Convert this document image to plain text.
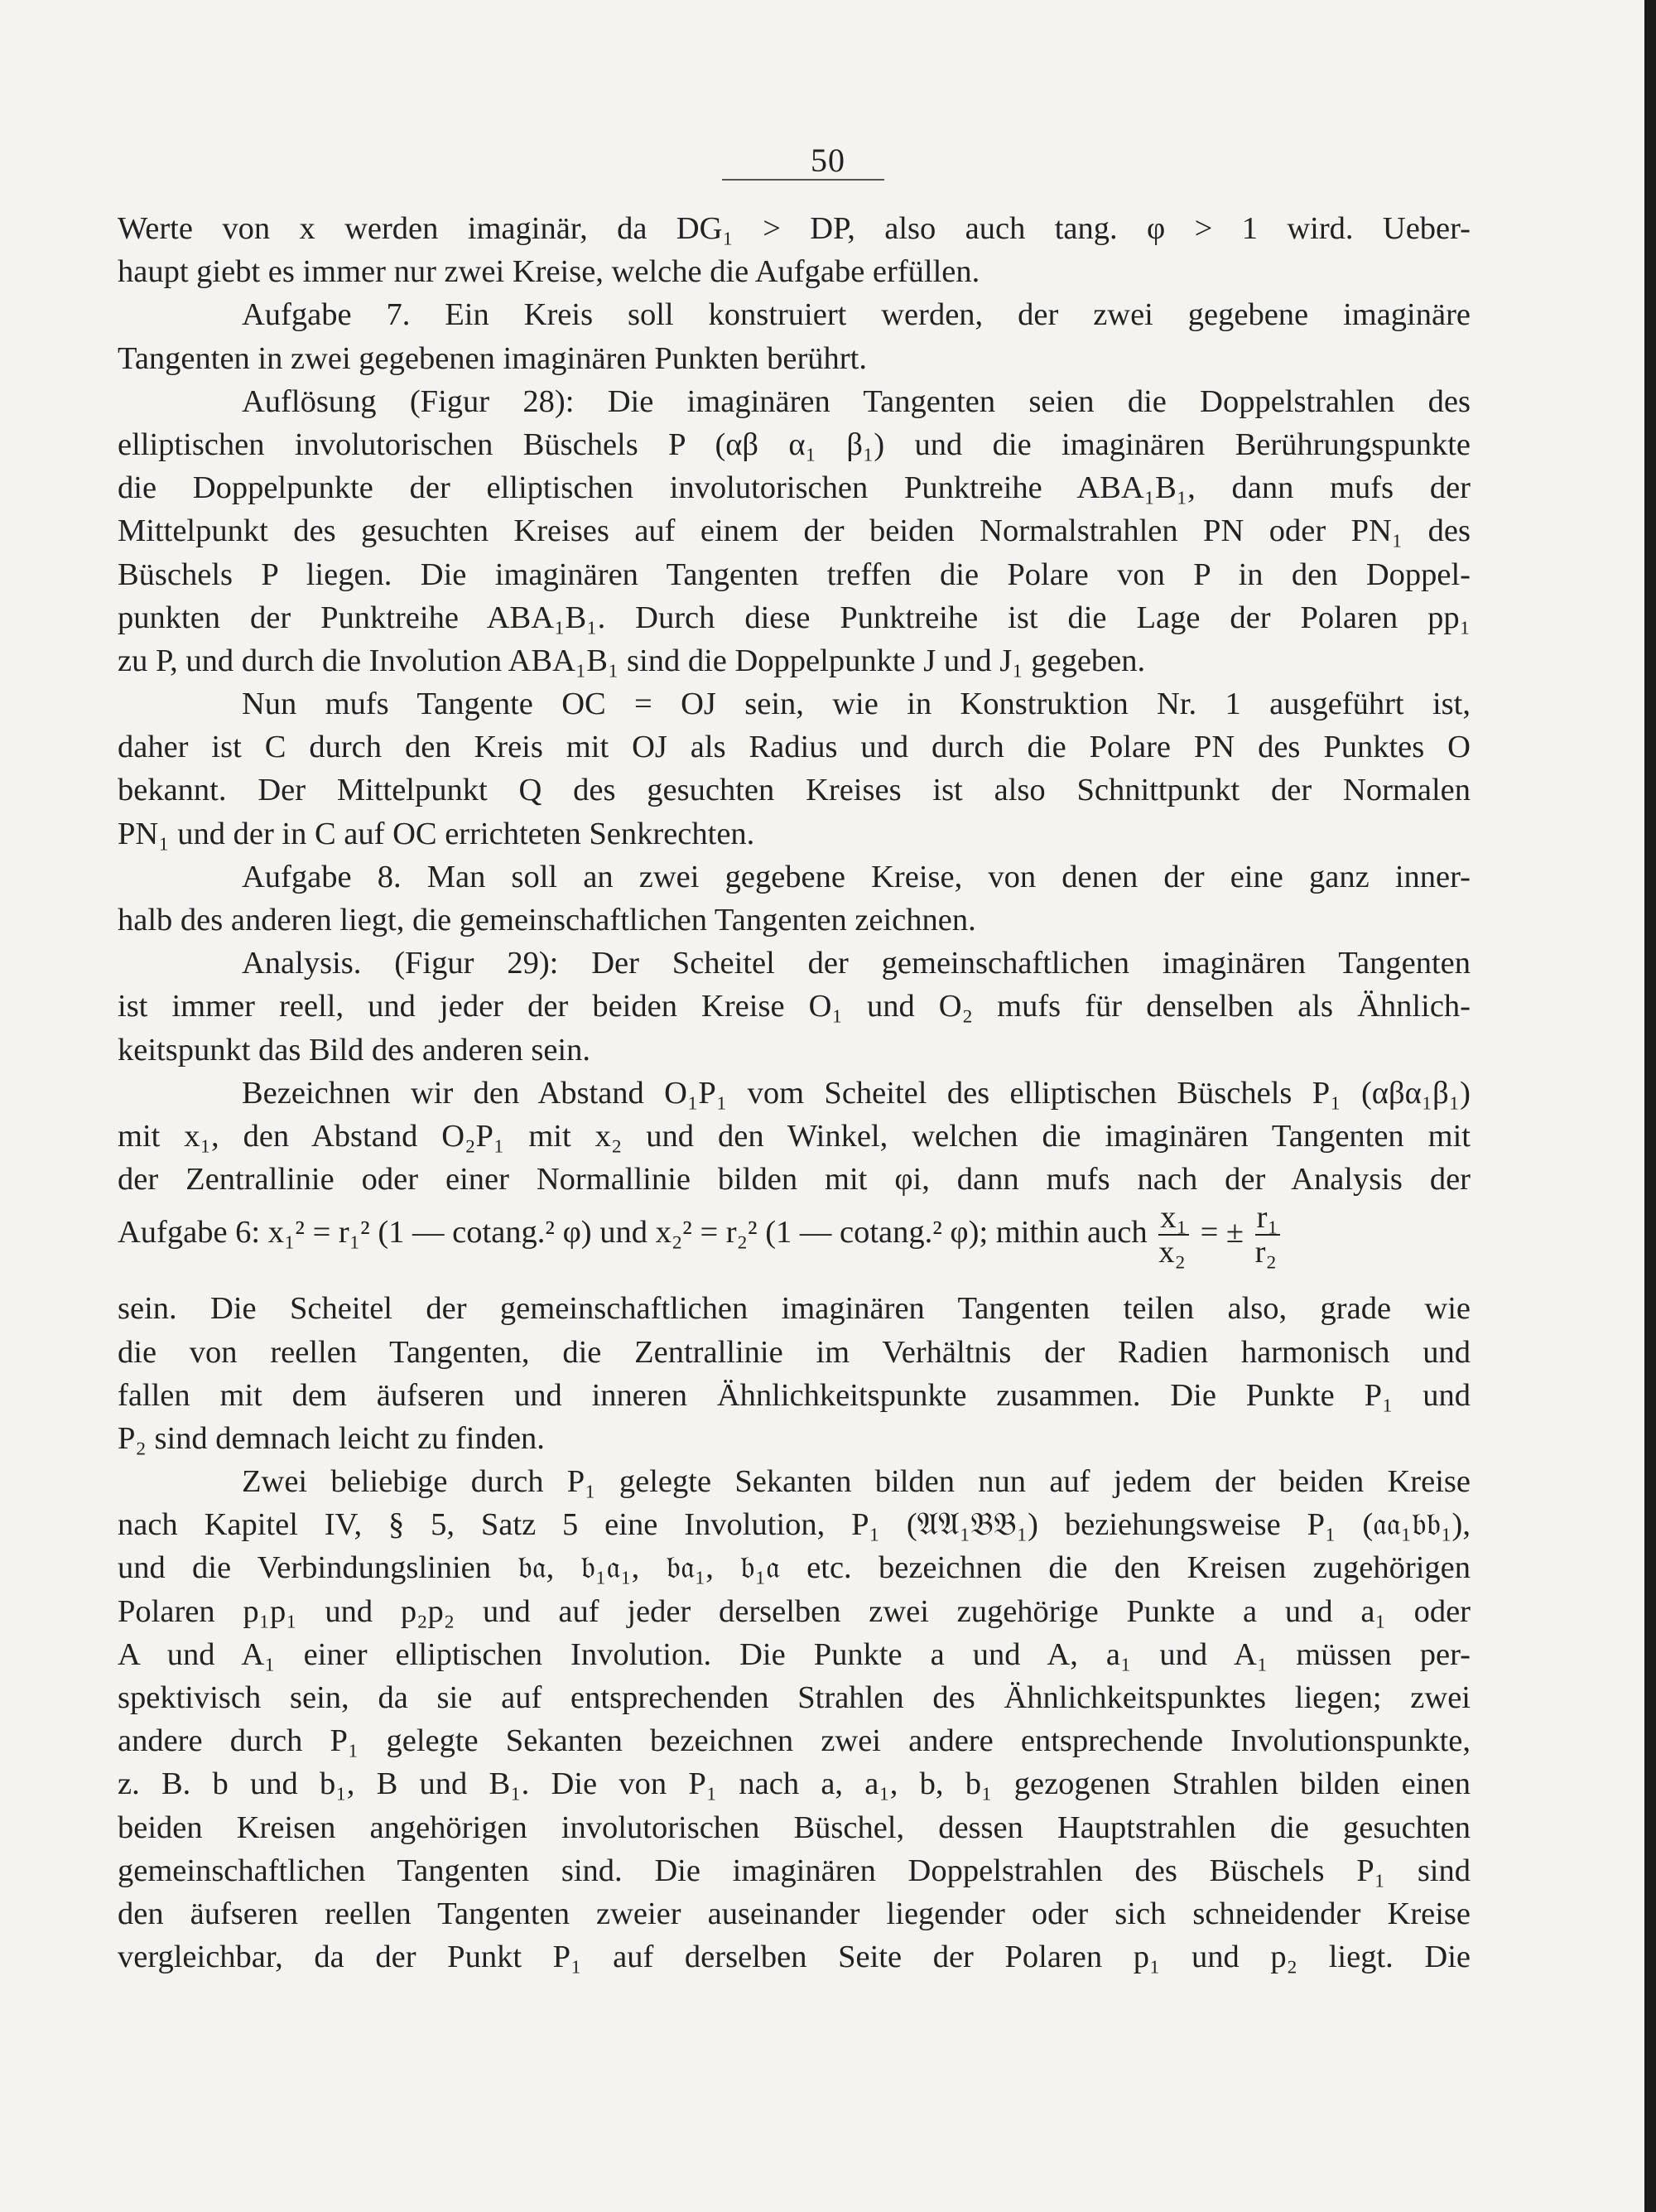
50
Werte von x werden imaginär, da DG₁ > DP, also auch tang. φ > 1 wird. Ueber-
haupt giebt es immer nur zwei Kreise, welche die Aufgabe erfüllen.
Aufgabe 7. Ein Kreis soll konstruiert werden, der zwei gegebene imaginäre
Tangenten in zwei gegebenen imaginären Punkten berührt.
Auflösung (Figur 28): Die imaginären Tangenten seien die Doppelstrahlen des
elliptischen involutorischen Büschels P (αβ α₁ β₁) und die imaginären Berührungspunkte
die Doppelpunkte der elliptischen involutorischen Punktreihe ABA₁B₁, dann mufs der
Mittelpunkt des gesuchten Kreises auf einem der beiden Normalstrahlen PN oder PN₁ des
Büschels P liegen. Die imaginären Tangenten treffen die Polare von P in den Doppel-
punkten der Punktreihe ABA₁B₁. Durch diese Punktreihe ist die Lage der Polaren pp₁
zu P, und durch die Involution ABA₁B₁ sind die Doppelpunkte J und J₁ gegeben.
Nun mufs Tangente OC = OJ sein, wie in Konstruktion Nr. 1 ausgeführt ist,
daher ist C durch den Kreis mit OJ als Radius und durch die Polare PN des Punktes O
bekannt. Der Mittelpunkt Q des gesuchten Kreises ist also Schnittpunkt der Normalen
PN₁ und der in C auf OC errichteten Senkrechten.
Aufgabe 8. Man soll an zwei gegebene Kreise, von denen der eine ganz inner-
halb des anderen liegt, die gemeinschaftlichen Tangenten zeichnen.
Analysis. (Figur 29): Der Scheitel der gemeinschaftlichen imaginären Tangenten
ist immer reell, und jeder der beiden Kreise O₁ und O₂ mufs für denselben als Ähnlich-
keitspunkt das Bild des anderen sein.
Bezeichnen wir den Abstand O₁P₁ vom Scheitel des elliptischen Büschels P₁ (αβα₁β₁)
mit x₁, den Abstand O₂P₁ mit x₂ und den Winkel, welchen die imaginären Tangenten mit
der Zentrallinie oder einer Normallinie bilden mit φi, dann mufs nach der Analysis der
Aufgabe 6: x₁² = r₁² (1 — cotang.² φ) und x₂² = r₂² (1 — cotang.² φ); mithin auch $\frac{\text{x₁}}{\text{x₂}}$ = ± $\frac{\text{r₁}}{\text{r₂}}$
sein. Die Scheitel der gemeinschaftlichen imaginären Tangenten teilen also, grade wie
die von reellen Tangenten, die Zentrallinie im Verhältnis der Radien harmonisch und
fallen mit dem äufseren und inneren Ähnlichkeitspunkte zusammen. Die Punkte P₁ und
P₂ sind demnach leicht zu finden.
Zwei beliebige durch P₁ gelegte Sekanten bilden nun auf jedem der beiden Kreise
nach Kapitel IV, § 5, Satz 5 eine Involution, P₁ (𝔄𝔄₁𝔅𝔅₁) beziehungsweise P₁ (𝔞𝔞₁𝔟𝔟₁),
und die Verbindungslinien 𝔟𝔞, 𝔟₁𝔞₁, 𝔟𝔞₁, 𝔟₁𝔞 etc. bezeichnen die den Kreisen zugehörigen
Polaren p₁p₁ und p₂p₂ und auf jeder derselben zwei zugehörige Punkte a und a₁ oder
A und A₁ einer elliptischen Involution. Die Punkte a und A, a₁ und A₁ müssen per-
spektivisch sein, da sie auf entsprechenden Strahlen des Ähnlichkeitspunktes liegen; zwei
andere durch P₁ gelegte Sekanten bezeichnen zwei andere entsprechende Involutionspunkte,
z. B. b und b₁, B und B₁. Die von P₁ nach a, a₁, b, b₁ gezogenen Strahlen bilden einen
beiden Kreisen angehörigen involutorischen Büschel, dessen Hauptstrahlen die gesuchten
gemeinschaftlichen Tangenten sind. Die imaginären Doppelstrahlen des Büschels P₁ sind
den äufseren reellen Tangenten zweier auseinander liegender oder sich schneidender Kreise
vergleichbar, da der Punkt P₁ auf derselben Seite der Polaren p₁ und p₂ liegt. Die
